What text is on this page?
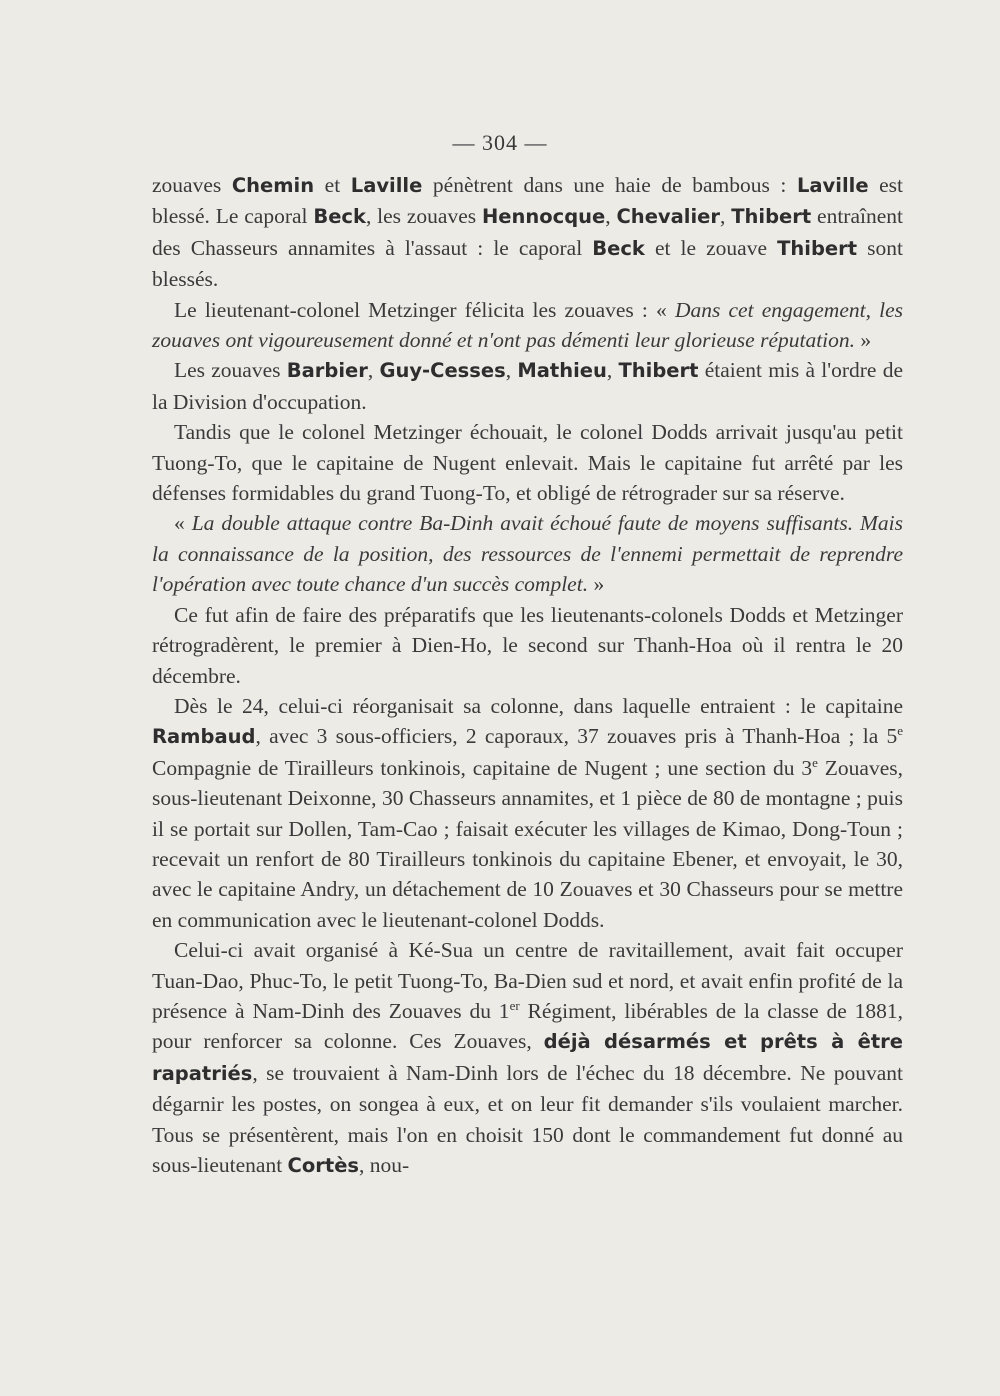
— 304 —

zouaves Chemin et Laville pénètrent dans une haie de bambous : Laville est blessé. Le caporal Beck, les zouaves Hennocque, Chevalier, Thibert entraînent des Chasseurs annamites à l'assaut : le caporal Beck et le zouave Thibert sont blessés.

Le lieutenant-colonel Metzinger félicita les zouaves : « Dans cet engagement, les zouaves ont vigoureusement donné et n'ont pas démenti leur glorieuse réputation. »

Les zouaves Barbier, Guy-Cesses, Mathieu, Thibert étaient mis à l'ordre de la Division d'occupation.

Tandis que le colonel Metzinger échouait, le colonel Dodds arrivait jusqu'au petit Tuong-To, que le capitaine de Nugent enlevait. Mais le capitaine fut arrêté par les défenses formidables du grand Tuong-To, et obligé de rétrograder sur sa réserve.

« La double attaque contre Ba-Dinh avait échoué faute de moyens suffisants. Mais la connaissance de la position, des ressources de l'ennemi permettait de reprendre l'opération avec toute chance d'un succès complet. »

Ce fut afin de faire des préparatifs que les lieutenants-colonels Dodds et Metzinger rétrogradèrent, le premier à Dien-Ho, le second sur Thanh-Hoa où il rentra le 20 décembre.

Dès le 24, celui-ci réorganisait sa colonne, dans laquelle entraient : le capitaine Rambaud, avec 3 sous-officiers, 2 caporaux, 37 zouaves pris à Thanh-Hoa ; la 5e Compagnie de Tirailleurs tonkinois, capitaine de Nugent ; une section du 3e Zouaves, sous-lieutenant Deixonne, 30 Chasseurs annamites, et 1 pièce de 80 de montagne ; puis il se portait sur Dollen, Tam-Cao ; faisait exécuter les villages de Kimao, Dong-Toun ; recevait un renfort de 80 Tirailleurs tonkinois du capitaine Ebener, et envoyait, le 30, avec le capitaine Andry, un détachement de 10 Zouaves et 30 Chasseurs pour se mettre en communication avec le lieutenant-colonel Dodds.

Celui-ci avait organisé à Ké-Sua un centre de ravitaillement, avait fait occuper Tuan-Dao, Phuc-To, le petit Tuong-To, Ba-Dien sud et nord, et avait enfin profité de la présence à Nam-Dinh des Zouaves du 1er Régiment, libérables de la classe de 1881, pour renforcer sa colonne. Ces Zouaves, déjà désarmés et prêts à être rapatriés, se trouvaient à Nam-Dinh lors de l'échec du 18 décembre. Ne pouvant dégarnir les postes, on songea à eux, et on leur fit demander s'ils voulaient marcher. Tous se présentèrent, mais l'on en choisit 150 dont le commandement fut donné au sous-lieutenant Cortès, nou-
